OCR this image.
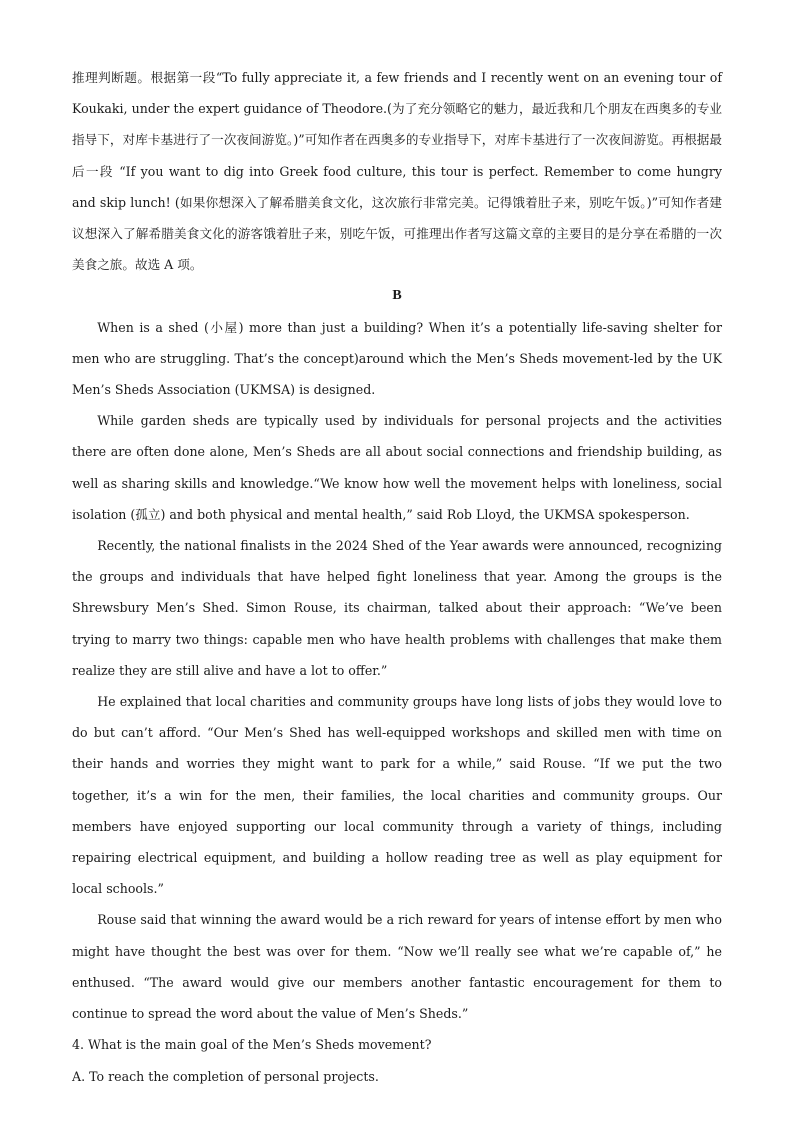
推理判断题。根据第一段“To fully appreciate it, a few friends and I recently went on an evening tour of Koukaki, under the expert guidance of Theodore.(为了充分领略它的魅力，最近我和几个朋友在西奥多的专业指导下，对库卡基进行了一次夜间游览。)”可知作者在西奥多的专业指导下，对库卡基进行了一次夜间游览。再根据最后一段 “If you want to dig into Greek food culture, this tour is perfect. Remember to come hungry and skip lunch! (如果你想深入了解希腊美食文化，这次旅行非常完美。记得饿着肚子来，别吃午饭。)”可知作者建议想深入了解希腊美食文化的游客饿着肚子来，别吃午饭，可推理出作者写这篇文章的主要目的是分享在希腊的一次美食之旅。故选 A 项。

B

When is a shed (小屋) more than just a building? When it’s a potentially life-saving shelter for men who are struggling. That’s the concept)around which the Men’s Sheds movement-led by the UK Men’s Sheds Association (UKMSA) is designed.

While garden sheds are typically used by individuals for personal projects and the activities there are often done alone, Men’s Sheds are all about social connections and friendship building, as well as sharing skills and knowledge.“We know how well the movement helps with loneliness, social isolation (孤立) and both physical and mental health,” said Rob Lloyd, the UKMSA spokesperson.

Recently, the national finalists in the 2024 Shed of the Year awards were announced, recognizing the groups and individuals that have helped fight loneliness that year. Among the groups is the Shrewsbury Men’s Shed. Simon Rouse, its chairman, talked about their approach: “We’ve been trying to marry two things: capable men who have health problems with challenges that make them realize they are still alive and have a lot to offer.”

He explained that local charities and community groups have long lists of jobs they would love to do but can’t afford. “Our Men’s Shed has well-equipped workshops and skilled men with time on their hands and worries they might want to park for a while,” said Rouse. “If we put the two together, it’s a win for the men, their families, the local charities and community groups. Our members have enjoyed supporting our local community through a variety of things, including repairing electrical equipment, and building a hollow reading tree as well as play equipment for local schools.”

Rouse said that winning the award would be a rich reward for years of intense effort by men who might have thought the best was over for them. “Now we’ll really see what we’re capable of,” he enthused. “The award would give our members another fantastic encouragement for them to continue to spread the word about the value of Men’s Sheds.”

4. What is the main goal of the Men’s Sheds movement?

A. To reach the completion of personal projects.
